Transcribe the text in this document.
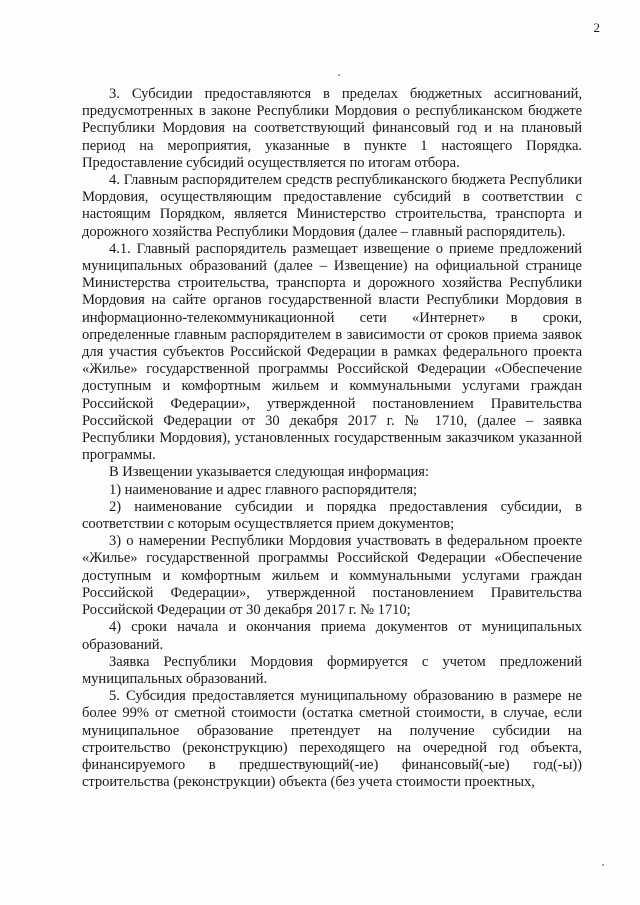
2

3. Субсидии предоставляются в пределах бюджетных ассигнований, предусмотренных в законе Республики Мордовия о республиканском бюджете Республики Мордовия на соответствующий финансовый год и на плановый период на мероприятия, указанные в пункте 1 настоящего Порядка. Предоставление субсидий осуществляется по итогам отбора.

4. Главным распорядителем средств республиканского бюджета Республики Мордовия, осуществляющим предоставление субсидий в соответствии с настоящим Порядком, является Министерство строительства, транспорта и дорожного хозяйства Республики Мордовия (далее – главный распорядитель).

4.1. Главный распорядитель размещает извещение о приеме предложений муниципальных образований (далее – Извещение) на официальной странице Министерства строительства, транспорта и дорожного хозяйства Республики Мордовия на сайте органов государственной власти Республики Мордовия в информационно-телекоммуникационной сети «Интернет» в сроки, определенные главным распорядителем в зависимости от сроков приема заявок для участия субъектов Российской Федерации в рамках федерального проекта «Жилье» государственной программы Российской Федерации «Обеспечение доступным и комфортным жильем и коммунальными услугами граждан Российской Федерации», утвержденной постановлением Правительства Российской Федерации от 30 декабря 2017 г. № 1710, (далее – заявка Республики Мордовия), установленных государственным заказчиком указанной программы.

В Извещении указывается следующая информация:

1) наименование и адрес главного распорядителя;

2) наименование субсидии и порядка предоставления субсидии, в соответствии с которым осуществляется прием документов;

3) о намерении Республики Мордовия участвовать в федеральном проекте «Жилье» государственной программы Российской Федерации «Обеспечение доступным и комфортным жильем и коммунальными услугами граждан Российской Федерации», утвержденной постановлением Правительства Российской Федерации от 30 декабря 2017 г. № 1710;

4) сроки начала и окончания приема документов от муниципальных образований.

Заявка Республики Мордовия формируется с учетом предложений муниципальных образований.

5. Субсидия предоставляется муниципальному образованию в размере не более 99% от сметной стоимости (остатка сметной стоимости, в случае, если муниципальное образование претендует на получение субсидии на строительство (реконструкцию) переходящего на очередной год объекта, финансируемого в предшествующий(-ие) финансовый(-ые) год(-ы)) строительства (реконструкции) объекта (без учета стоимости проектных,
